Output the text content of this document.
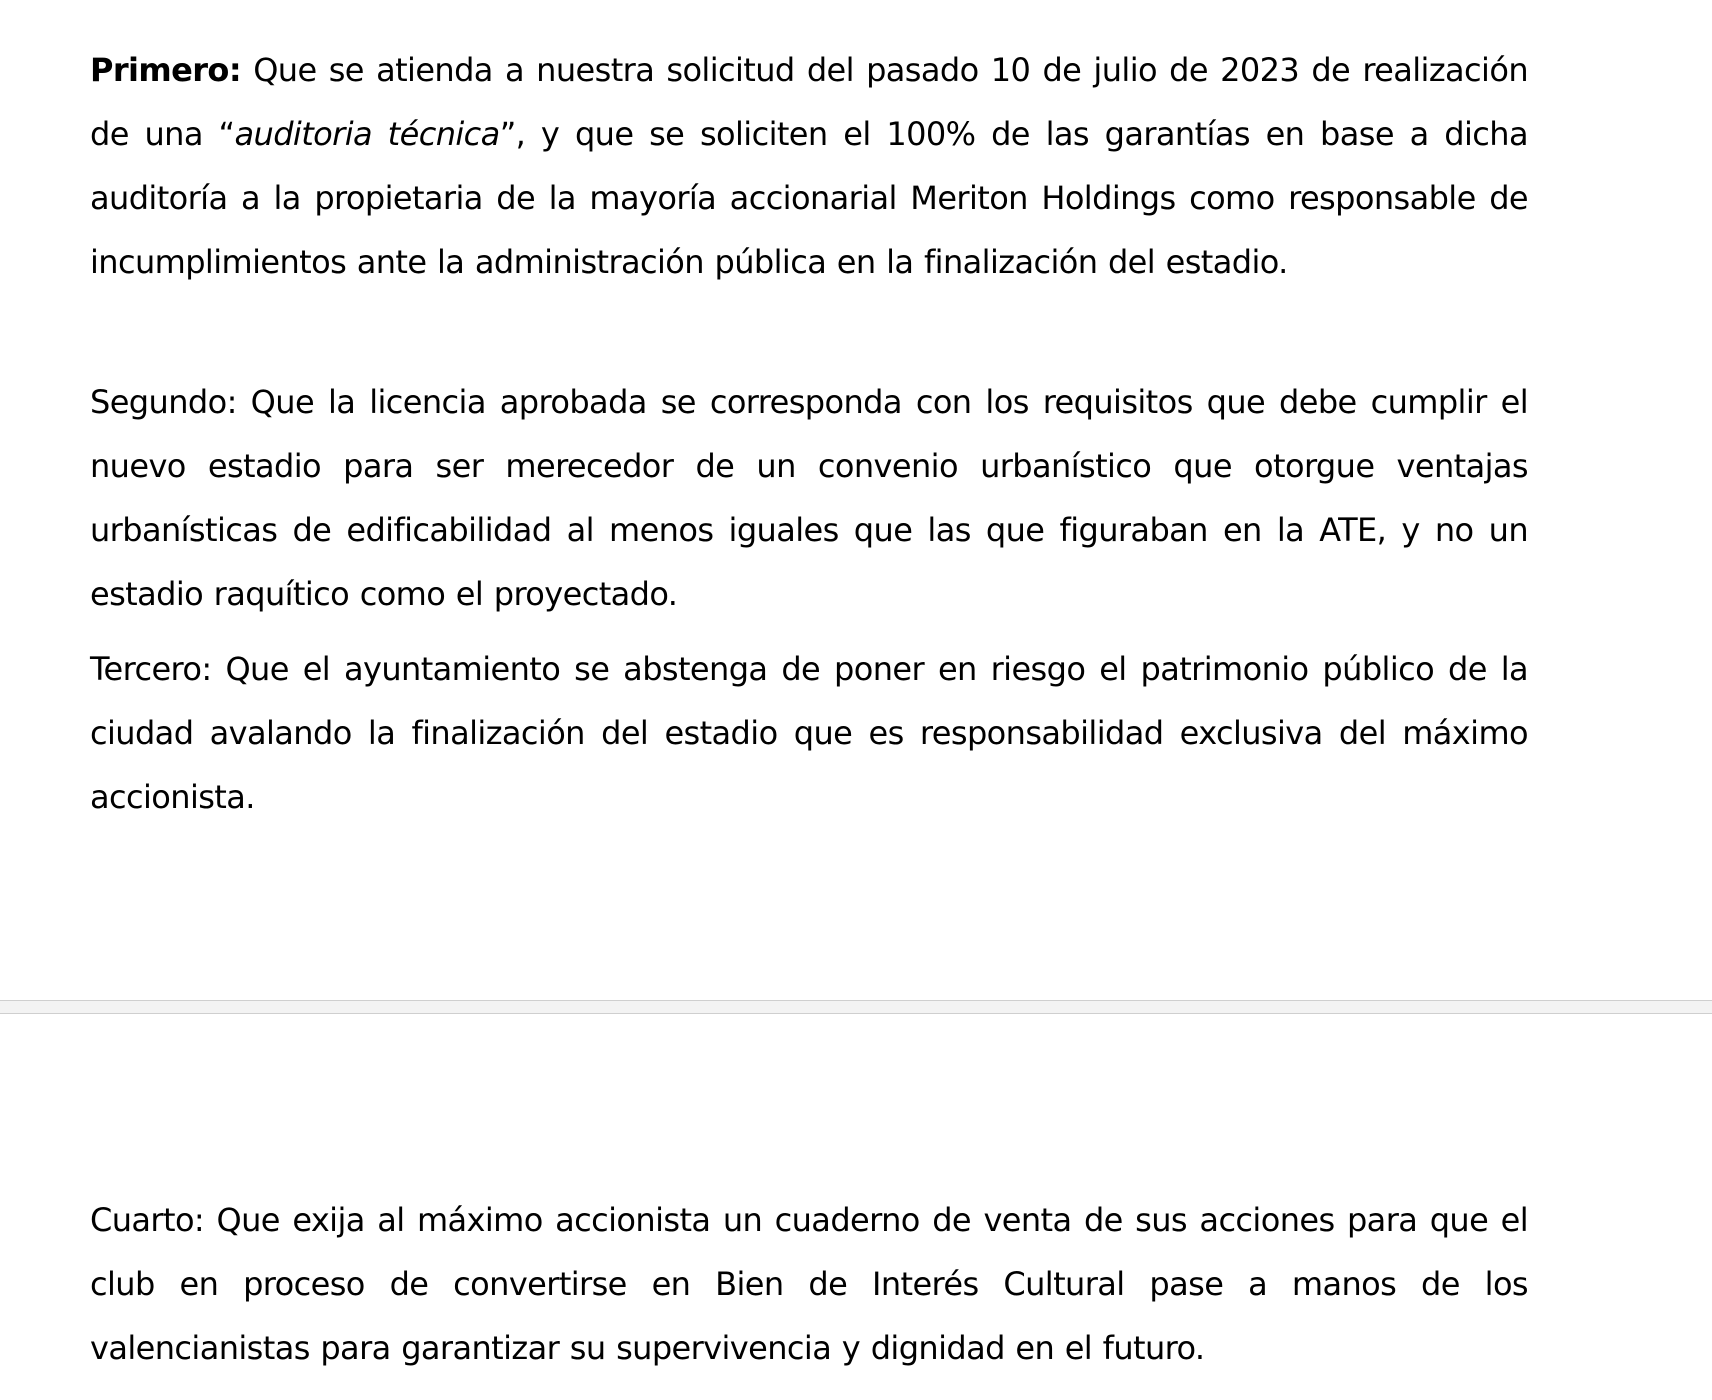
Primero: Que se atienda a nuestra solicitud del pasado 10 de julio de 2023 de realización de una “auditoria técnica”, y que se soliciten el 100% de las garantías en base a dicha auditoría a la propietaria de la mayoría accionarial Meriton Holdings como responsable de incumplimientos ante la administración pública en la finalización del estadio.

Segundo: Que la licencia aprobada se corresponda con los requisitos que debe cumplir el nuevo estadio para ser merecedor de un convenio urbanístico que otorgue ventajas urbanísticas de edificabilidad al menos iguales que las que figuraban en la ATE, y no un estadio raquítico como el proyectado.

Tercero: Que el ayuntamiento se abstenga de poner en riesgo el patrimonio público de la ciudad avalando la finalización del estadio que es responsabilidad exclusiva del máximo accionista.

Cuarto: Que exija al máximo accionista un cuaderno de venta de sus acciones para que el club en proceso de convertirse en Bien de Interés Cultural pase a manos de los valencianistas para garantizar su supervivencia y dignidad en el futuro.
